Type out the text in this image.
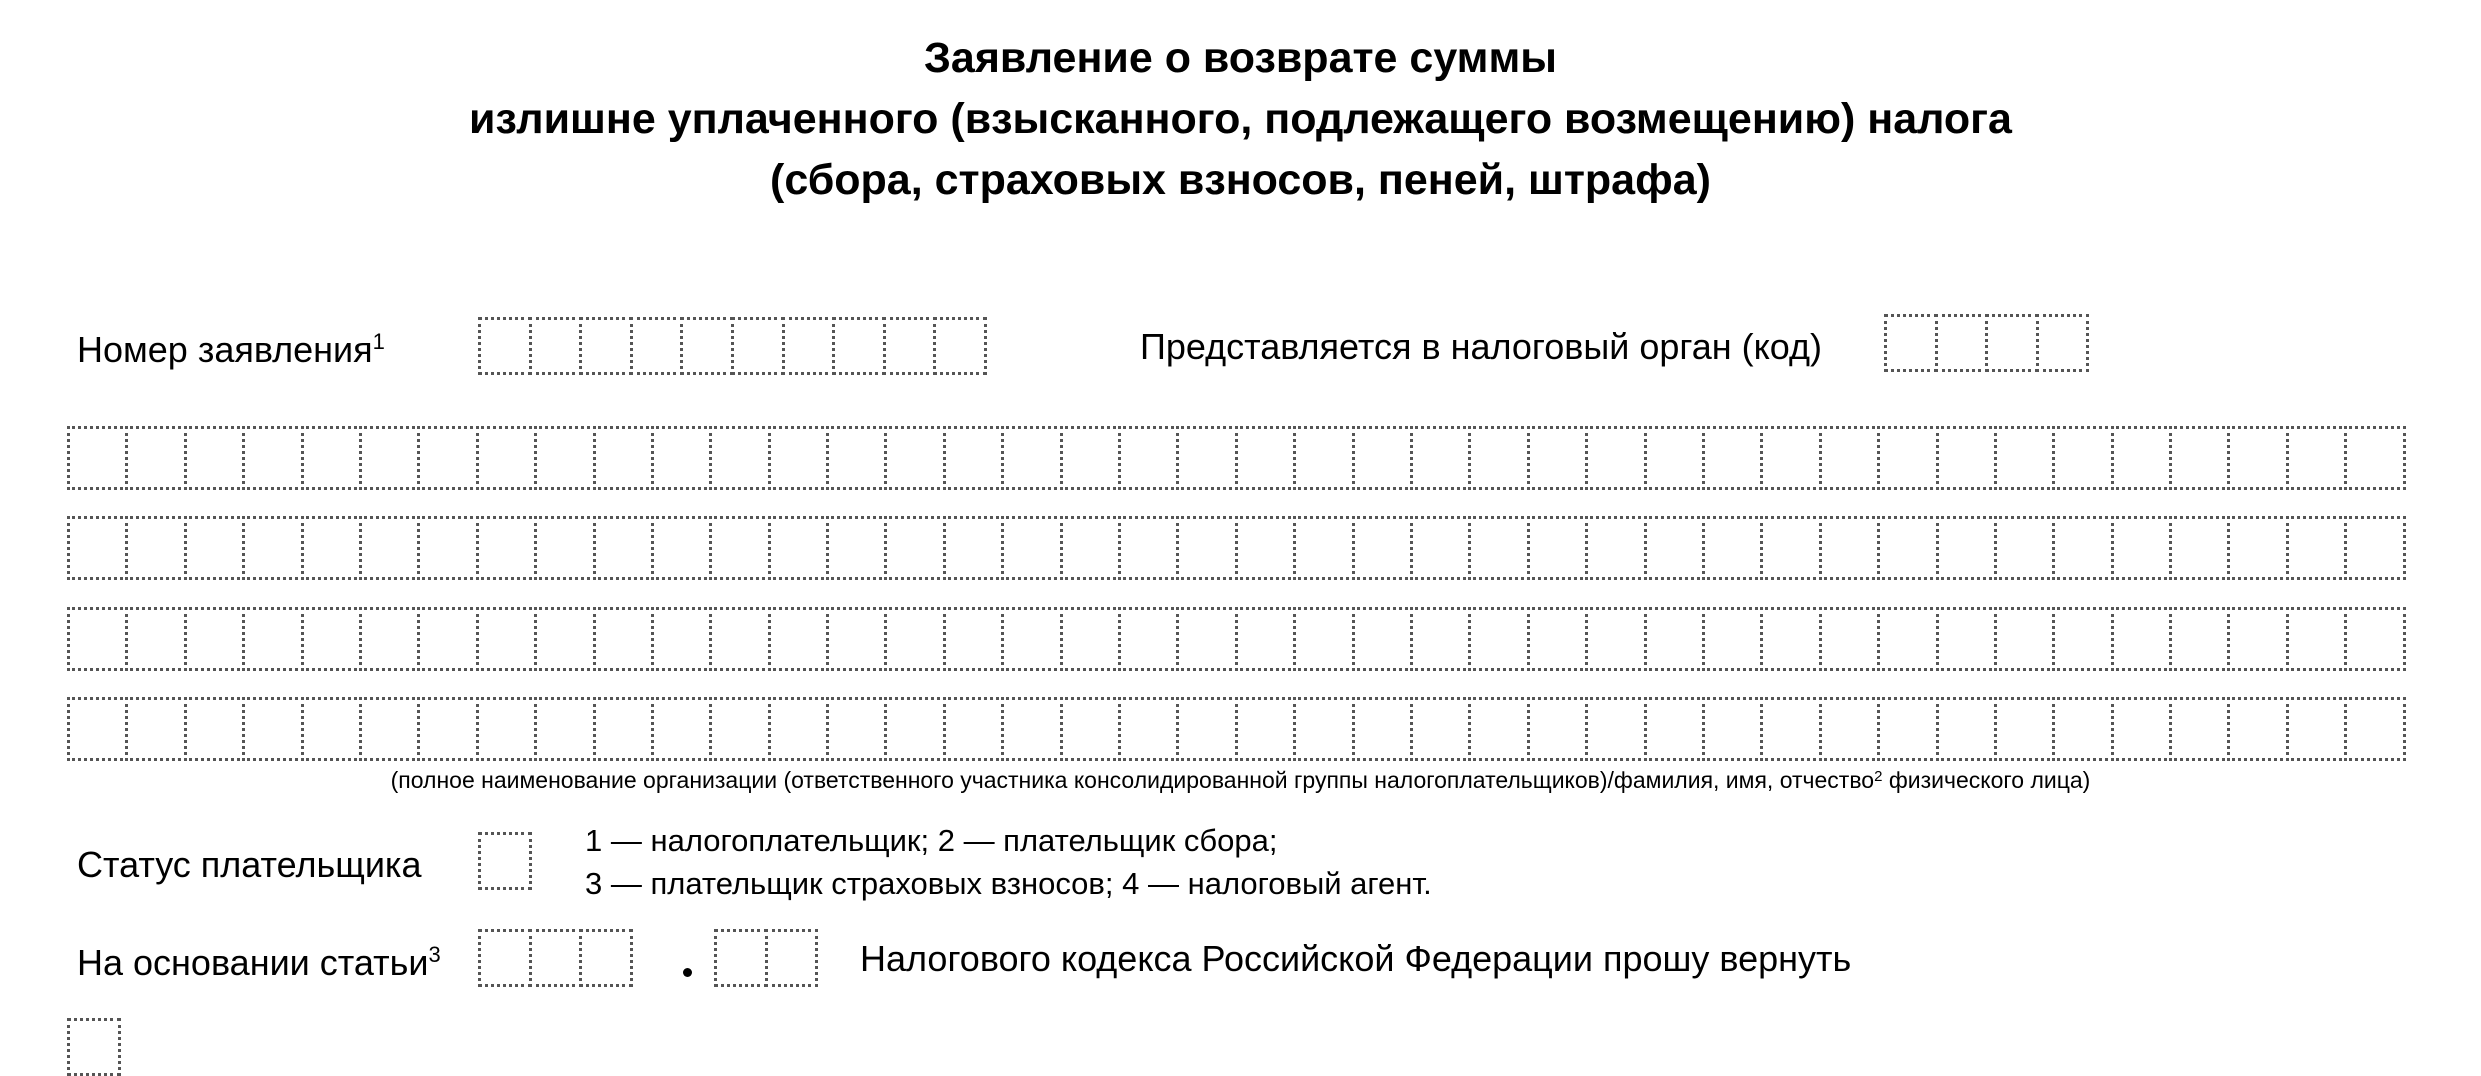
Заявление о возврате суммы
излишне уплаченного (взысканного, подлежащего возмещению) налога
(сбора, страховых взносов, пеней, штрафа)
Номер заявления$^1$	Представляется в налоговый орган (код)
(полное наименование организации (ответственного участника консолидированной группы налогоплательщиков)/фамилия, имя, отчество$^2$ физического лица)
Статус плательщика
1 — налогоплательщик; 2 — плательщик сбора;
3 — плательщик страховых взносов; 4 — налоговый агент.
На основании статьи$^3$	Налогового кодекса Российской Федерации прошу вернуть
